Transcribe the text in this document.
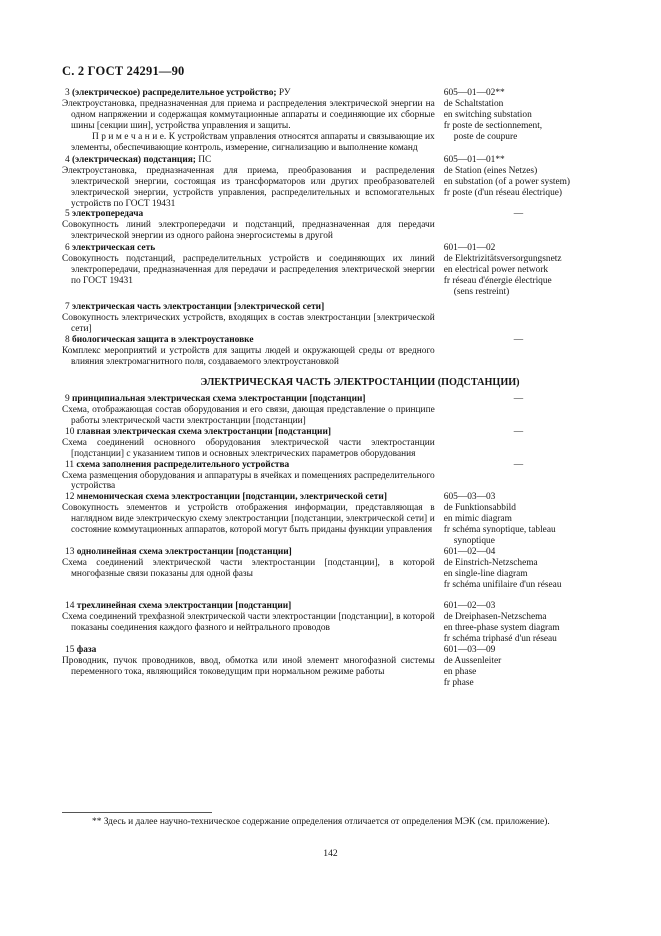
С. 2 ГОСТ 24291—90

3 (электрическое) распределительное устройство; РУ

Электроустановка, предназначенная для приема и распределения электрической энергии на одном напряжении и содержащая коммутационные аппараты и соединяющие их сборные шины [секции шин], устройства управления и защиты.

П р и м е ч а н и е. К устройствам управления относятся аппараты и связывающие их элементы, обеспечивающие контроль, измерение, сигнализацию и выполнение команд

605—01—02**

de Schaltstation

en switching substation

fr poste de sectionnement,

poste de coupure

4 (электрическая) подстанция; ПС

Электроустановка, предназначенная для приема, преобразования и распределения электрической энергии, состоящая из трансформаторов или других преобразователей электрической энергии, устройств управления, распределительных и вспомогательных устройств по ГОСТ 19431

605—01—01**

de Station (eines Netzes)

en substation (of a power system)

fr poste (d'un réseau électrique)

5 электропередача

Совокупность линий электропередачи и подстанций, предназначенная для передачи электрической энергии из одного района энергосистемы в другой

—

6 электрическая сеть

Совокупность подстанций, распределительных устройств и соединяющих их линий электропередачи, предназначенная для передачи и распределения электрической энергии по ГОСТ 19431

601—01—02

de Elektrizitätsversorgungsnetz

en electrical power network

fr réseau d'énergie électrique

(sens restreint)

7 электрическая часть электростанции [электрической сети]

Совокупность электрических устройств, входящих в состав электростанции [электрической сети]

8 биологическая защита в электроустановке

Комплекс мероприятий и устройств для защиты людей и окружающей среды от вредного влияния электромагнитного поля, создаваемого электроустановкой

—

ЭЛЕКТРИЧЕСКАЯ ЧАСТЬ ЭЛЕКТРОСТАНЦИИ (ПОДСТАНЦИИ)

9 принципиальная электрическая схема электростанции [подстанции]

Схема, отображающая состав оборудования и его связи, дающая представление о принципе работы электрической части электростанции [подстанции]

—

10 главная электрическая схема электростанции [подстанции]

Схема соединений основного оборудования электрической части электростанции [подстанции] с указанием типов и основных электрических параметров оборудования

—

11 схема заполнения распределительного устройства

Схема размещения оборудования и аппаратуры в ячейках и помещениях распределительного устройства

—

12 мнемоническая схема электростанции [подстанции, электрической сети]

Совокупность элементов и устройств отображения информации, представляющая в наглядном виде электрическую схему электростанции [подстанции, электрической сети] и состояние коммутационных аппаратов, которой могут быть приданы функции управления

605—03—03

de Funktionsabbild

en mimic diagram

fr schéma synoptique, tableau

synoptique

13 однолинейная схема электростанции [подстанции]

Схема соединений электрической части электростанции [подстанции], в которой многофазные связи показаны для одной фазы

601—02—04

de Einstrich-Netzschema

en single-line diagram

fr schéma unifilaire d'un réseau

14 трехлинейная схема электростанции [подстанции]

Схема соединений трехфазной электрической части электростанции [подстанции], в которой показаны соединения каждого фазного и нейтрального проводов

601—02—03

de Dreiphasen-Netzschema

en three-phase system diagram

fr schéma triphasé d'un réseau

15 фаза

Проводник, пучок проводников, ввод, обмотка или иной элемент многофазной системы переменного тока, являющийся токоведущим при нормальном режиме работы

601—03—09

de Aussenleiter

en phase

fr phase

** Здесь и далее научно-техническое содержание определения отличается от определения МЭК (см. приложение).
142
